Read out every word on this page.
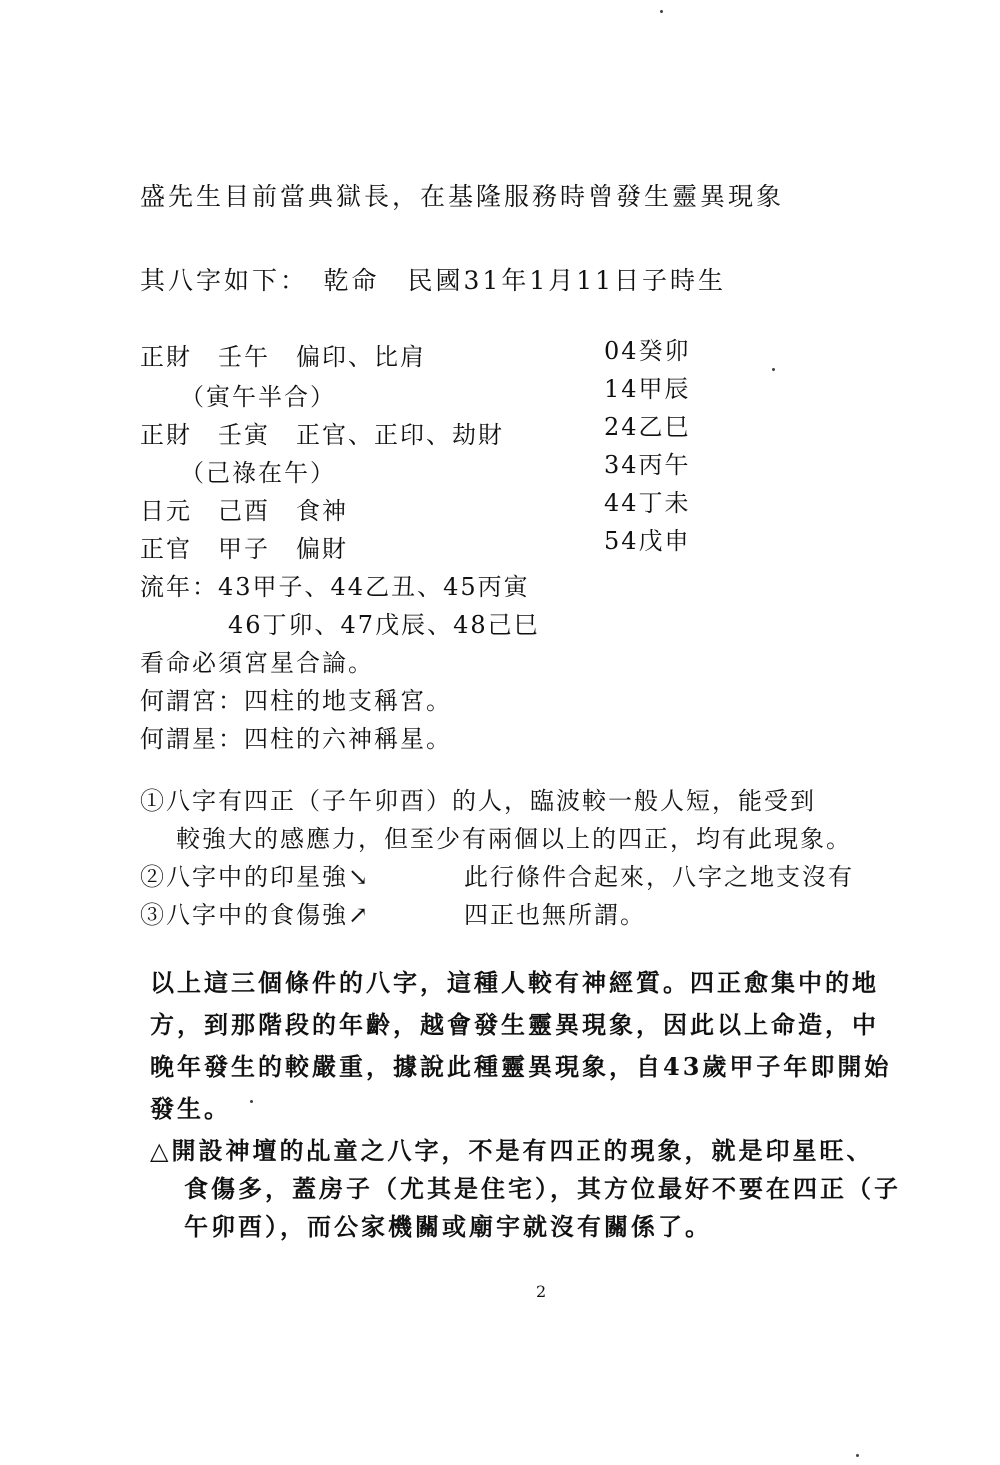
盛先生目前當典獄長，在基隆服務時曾發生靈異現象
其八字如下：　乾命　民國31年1月11日子時生
正財　壬午　偏印、比肩
　　（寅午半合）
正財　壬寅　正官、正印、劫財
　　（己祿在午）
日元　己酉　食神
正官　甲子　偏財
04癸卯
14甲辰
24乙巳
34丙午
44丁未
54戊申
流年：43甲子、44乙丑、45丙寅
46丁卯、47戊辰、48己巳
看命必須宮星合論。
何謂宮：四柱的地支稱宮。
何謂星：四柱的六神稱星。
①八字有四正（子午卯酉）的人，臨波較一般人短，能受到
較強大的感應力，但至少有兩個以上的四正，均有此現象。
②八字中的印星強↘	此行條件合起來，八字之地支沒有
③八字中的食傷強↗	四正也無所謂。
以上這三個條件的八字，這種人較有神經質。四正愈集中的地
方，到那階段的年齡，越會發生靈異現象，因此以上命造，中
晚年發生的較嚴重，據說此種靈異現象，自43歲甲子年即開始
發生。
△開設神壇的乩童之八字，不是有四正的現象，就是印星旺、
食傷多，蓋房子（尤其是住宅），其方位最好不要在四正（子
午卯酉），而公家機關或廟宇就沒有關係了。
2
